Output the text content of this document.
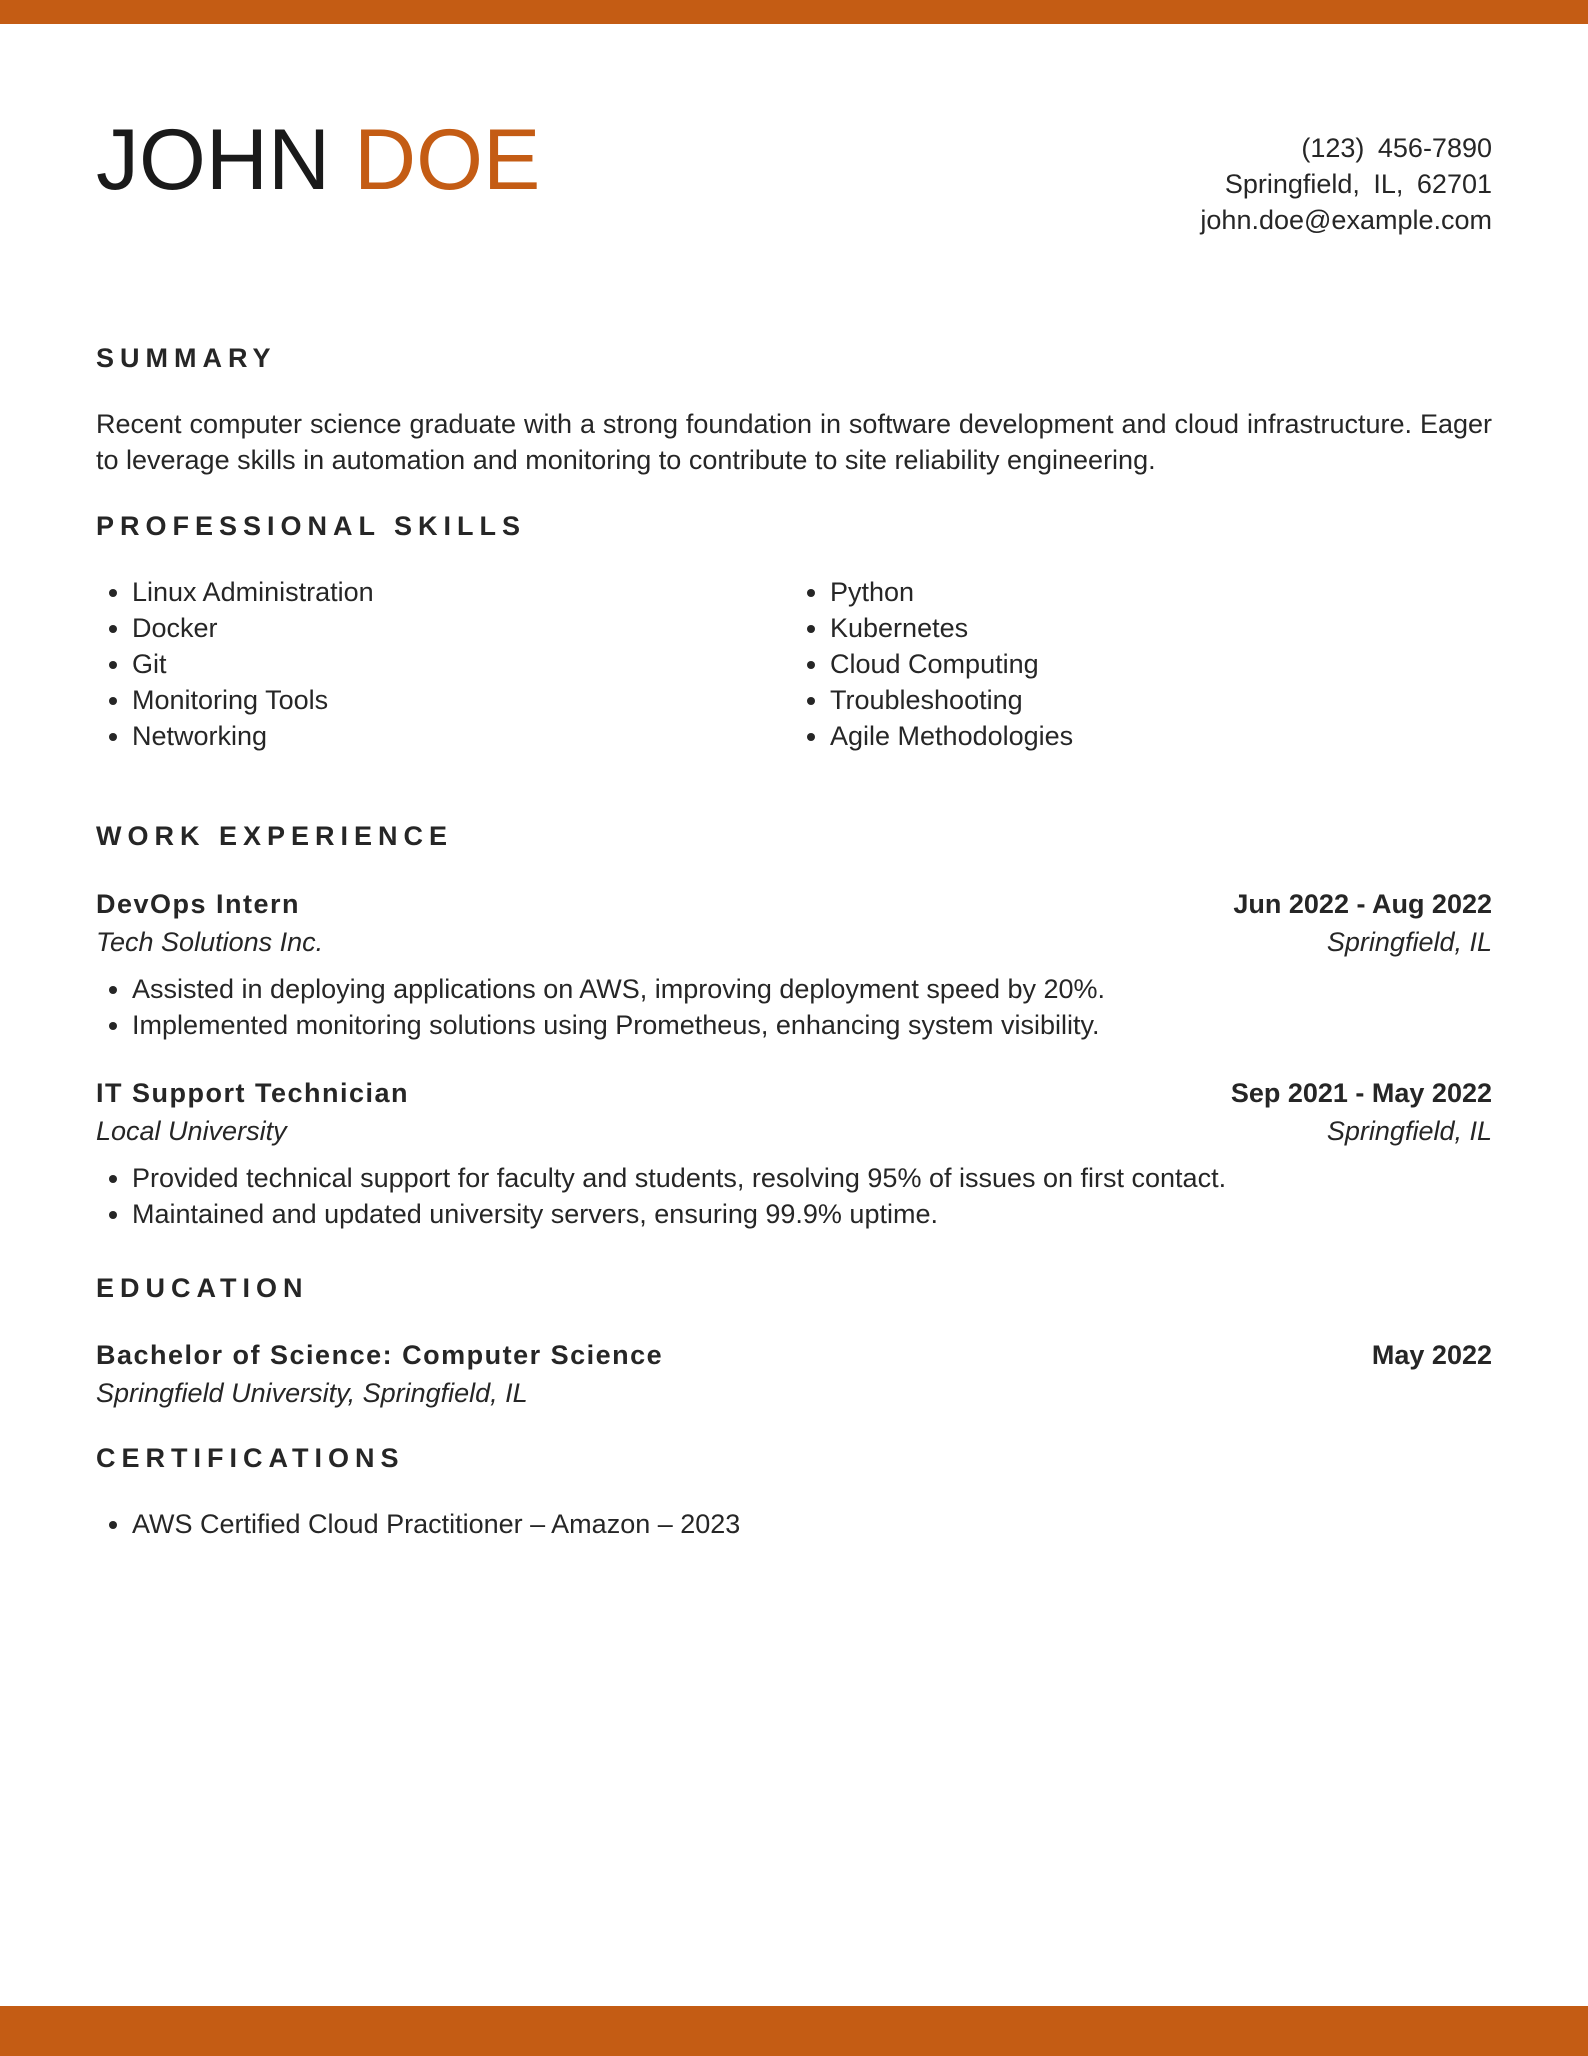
JOHN DOE	(123) 456-7890
Springfield, IL, 62701
john.doe@example.com
SUMMARY

Recent computer science graduate with a strong foundation in software development and cloud infrastructure. Eager to leverage skills in automation and monitoring to contribute to site reliability engineering.

PROFESSIONAL SKILLS
• Linux Administration
• Docker
• Git
• Monitoring Tools
• Networking
• Python
• Kubernetes
• Cloud Computing
• Troubleshooting
• Agile Methodologies
WORK EXPERIENCE
DevOps Intern	Jun 2022 - Aug 2022
Tech Solutions Inc.	Springfield, IL
• Assisted in deploying applications on AWS, improving deployment speed by 20%.
• Implemented monitoring solutions using Prometheus, enhancing system visibility.
IT Support Technician	Sep 2021 - May 2022
Local University	Springfield, IL
• Provided technical support for faculty and students, resolving 95% of issues on first contact.
• Maintained and updated university servers, ensuring 99.9% uptime.
EDUCATION
Bachelor of Science: Computer Science	May 2022
Springfield University, Springfield, IL
CERTIFICATIONS
• AWS Certified Cloud Practitioner – Amazon – 2023
